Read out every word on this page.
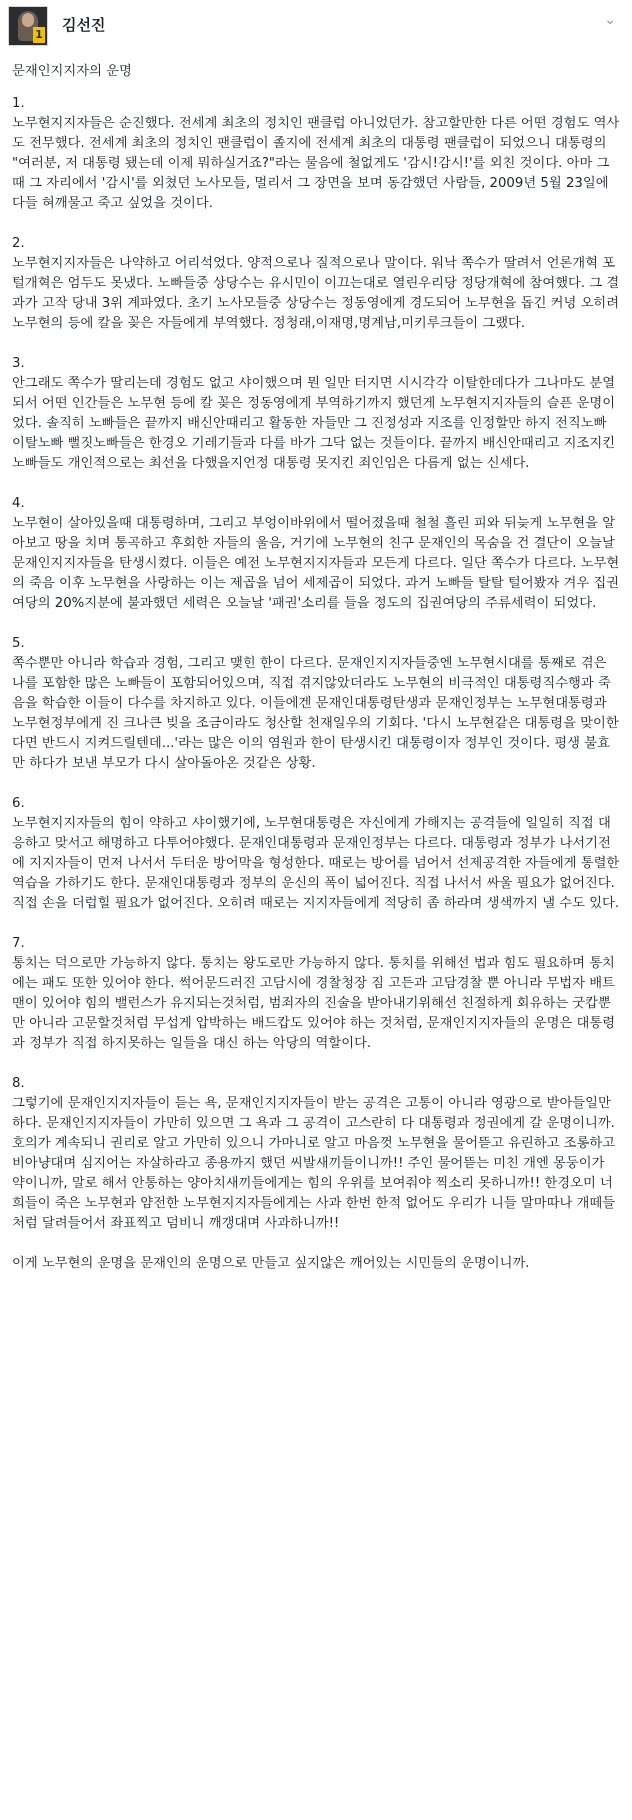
1
김선진	⌄
문재인지지자의 운명
1.
노무현지지자들은 순진했다. 전세계 최초의 정치인 팬클럽 아니었던가. 참고할만한 다른 어떤 경험도 역사도 전무했다. 전세계 최초의 정치인 팬클럽이 졸지에 전세계 최초의 대통령 팬클럽이 되었으니 대통령의 "여러분, 저 대통령 됐는데 이제 뭐하실거죠?"라는 물음에 철없게도 '감시!감시!'를 외친 것이다. 아마 그때 그 자리에서 '감시'를 외쳤던 노사모들, 멀리서 그 장면을 보며 동감했던 사람들, 2009년 5월 23일에 다들 혀깨물고 죽고 싶었을 것이다.
2.
노무현지지자들은 나약하고 어리석었다. 양적으로나 질적으로나 말이다. 워낙 쪽수가 딸려서 언론개혁 포털개혁은 엄두도 못냈다. 노빠들중 상당수는 유시민이 이끄는대로 열린우리당 정당개혁에 참여했다. 그 결과가 고작 당내 3위 계파였다. 초기 노사모들중 상당수는 정동영에게 경도되어 노무현을 돕긴 커녕 오히려 노무현의 등에 칼을 꽂은 자들에게 부역했다. 정청래,이재명,명계남,미키루크들이 그랬다.
3.
안그래도 쪽수가 딸리는데 경험도 없고 샤이했으며 뭔 일만 터지면 시시각각 이탈한데다가 그나마도 분열되서 어떤 인간들은 노무현 등에 칼 꽂은 정동영에게 부역하기까지 했던게 노무현지지자들의 슬픈 운명이었다. 솔직히 노빠들은 끝까지 배신안때리고 활동한 자들만 그 진정성과 지조를 인정할만 하지 전직노빠 이탈노빠 뻘짓노빠들은 한경오 기레기들과 다를 바가 그닥 없는 것들이다. 끝까지 배신안때리고 지조지킨 노빠들도 개인적으로는 최선을 다했을지언정 대통령 못지킨 죄인임은 다름게 없는 신세다.
4.
노무현이 살아있을때 대통령하며, 그리고 부엉이바위에서 떨어졌을때 철철 흘린 피와 뒤늦게 노무현을 알아보고 땅을 치며 통곡하고 후회한 자들의 울음, 거기에 노무현의 친구 문재인의 목숨을 건 결단이 오늘날 문재인지지자들을 탄생시켰다. 이들은 예전 노무현지지자들과 모든게 다르다. 일단 쪽수가 다르다. 노무현의 죽음 이후 노무현을 사랑하는 이는 제곱을 넘어 세제곱이 되었다. 과거 노빠들 탈탈 털어봤자 겨우 집권여당의 20%지분에 불과했던 세력은 오늘날 '패권'소리를 들을 정도의 집권여당의 주류세력이 되었다.
5.
쪽수뿐만 아니라 학습과 경험, 그리고 맺힌 한이 다르다. 문재인지지자들중엔 노무현시대를 통째로 겪은 나를 포함한 많은 노빠들이 포함되어있으며, 직접 겪지않았더라도 노무현의 비극적인 대통령직수행과 죽음을 학습한 이들이 다수를 차지하고 있다. 이들에겐 문재인대통령탄생과 문재인정부는 노무현대통령과 노무현정부에게 진 크나큰 빚을 조금이라도 청산할 천재일우의 기회다. '다시 노무현같은 대통령을 맞이한다면 반드시 지켜드릴텐데...'라는 많은 이의 염원과 한이 탄생시킨 대통령이자 정부인 것이다. 평생 불효만 하다가 보낸 부모가 다시 살아돌아온 것같은 상황.
6.
노무현지지자들의 힘이 약하고 샤이했기에, 노무현대통령은 자신에게 가해지는 공격들에 일일히 직접 대응하고 맞서고 해명하고 다투어야했다. 문재인대통령과 문재인정부는 다르다. 대통령과 정부가 나서기전에 지지자들이 먼저 나서서 두터운 방어막을 형성한다. 때로는 방어를 넘어서 선제공격한 자들에게 통렬한 역습을 가하기도 한다. 문재인대통령과 정부의 운신의 폭이 넓어진다. 직접 나서서 싸울 필요가 없어진다. 직접 손을 더럽힐 필요가 없어진다. 오히려 때로는 지지자들에게 적당히 좀 하라며 생색까지 낼 수도 있다.
7.
통치는 덕으로만 가능하지 않다. 통치는 왕도로만 가능하지 않다. 통치를 위해선 법과 힘도 필요하며 통치에는 패도 또한 있어야 한다. 썩어문드러진 고담시에 경찰청장 짐 고든과 고담경찰 뿐 아니라 무법자 배트맨이 있어야 힘의 밸런스가 유지되는것처럼, 범죄자의 진술을 받아내기위해선 친절하게 회유하는 굿캅뿐만 아니라 고문할것처럼 무섭게 압박하는 배드캅도 있어야 하는 것처럼, 문재인지지자들의 운명은 대통령과 정부가 직접 하지못하는 일들을 대신 하는 악당의 역할이다.
8.
그렇기에 문재인지지자들이 듣는 욕, 문재인지지자들이 받는 공격은 고통이 아니라 영광으로 받아들일만 하다. 문재인지지자들이 가만히 있으면 그 욕과 그 공격이 고스란히 다 대통령과 정권에게 갈 운명이니까. 호의가 계속되니 권리로 알고 가만히 있으니 가마니로 알고 마음껏 노무현을 물어뜯고 유린하고 조롱하고 비아냥대며 심지어는 자살하라고 종용까지 했던 씨발새끼들이니까!! 주인 물어뜯는 미친 개엔 몽둥이가 약이니까, 말로 해서 안통하는 양아치새끼들에게는 힘의 우위를 보여줘야 찍소리 못하니까!! 한경오미 너희들이 죽은 노무현과 얌전한 노무현지지자들에게는 사과 한번 한적 없어도 우리가 니들 말마따나 개떼들처럼 달려들어서 좌표찍고 덤비니 깨갱대며 사과하니까!!
이게 노무현의 운명을 문재인의 운명으로 만들고 싶지않은 깨어있는 시민들의 운명이니까.
